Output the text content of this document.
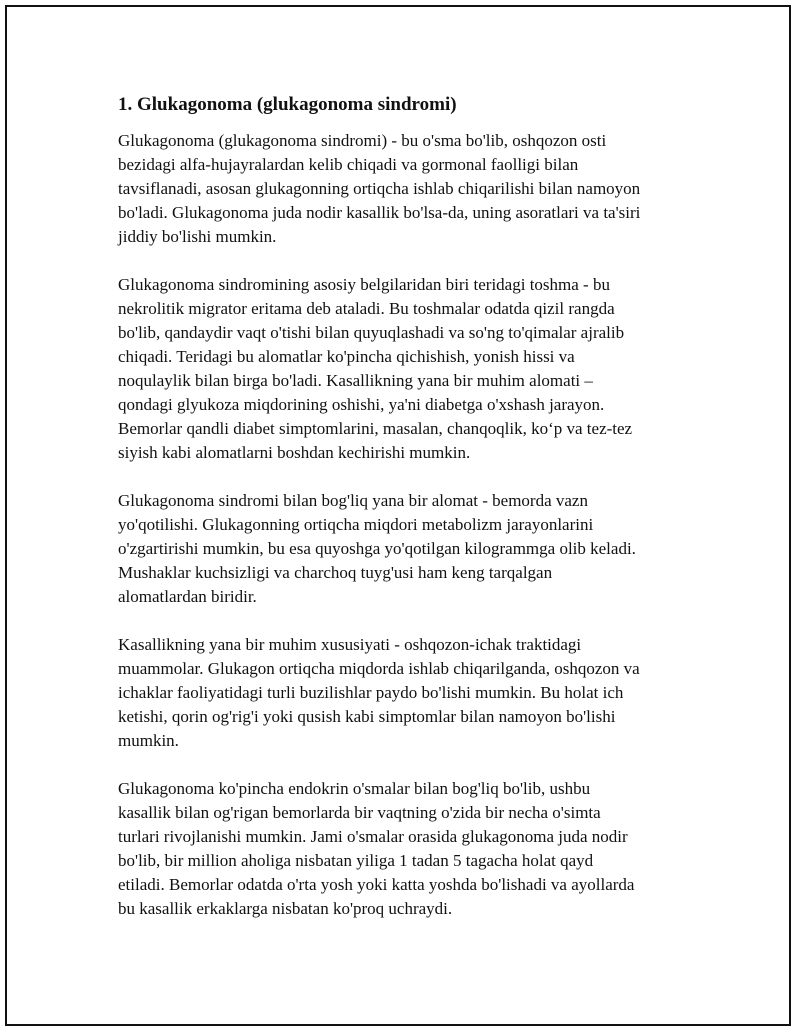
1. Glukagonoma (glukagonoma sindromi)

Glukagonoma (glukagonoma sindromi) - bu o'sma bo'lib, oshqozon osti
bezidagi alfa-hujayralardan kelib chiqadi va gormonal faolligi bilan
tavsiflanadi, asosan glukagonning ortiqcha ishlab chiqarilishi bilan namoyon
bo'ladi. Glukagonoma juda nodir kasallik bo'lsa-da, uning asoratlari va ta'siri
jiddiy bo'lishi mumkin.

Glukagonoma sindromining asosiy belgilaridan biri teridagi toshma - bu
nekrolitik migrator eritama deb ataladi. Bu toshmalar odatda qizil rangda
bo'lib, qandaydir vaqt o'tishi bilan quyuqlashadi va so'ng to'qimalar ajralib
chiqadi. Teridagi bu alomatlar ko'pincha qichishish, yonish hissi va
noqulaylik bilan birga bo'ladi. Kasallikning yana bir muhim alomati –
qondagi glyukoza miqdorining oshishi, ya'ni diabetga o'xshash jarayon.
Bemorlar qandli diabet simptomlarini, masalan, chanqoqlik, ko‘p va tez-tez
siyish kabi alomatlarni boshdan kechirishi mumkin.

Glukagonoma sindromi bilan bog'liq yana bir alomat - bemorda vazn
yo'qotilishi. Glukagonning ortiqcha miqdori metabolizm jarayonlarini
o'zgartirishi mumkin, bu esa quyoshga yo'qotilgan kilogrammga olib keladi.
Mushaklar kuchsizligi va charchoq tuyg'usi ham keng tarqalgan
alomatlardan biridir.

Kasallikning yana bir muhim xususiyati - oshqozon-ichak traktidagi
muammolar. Glukagon ortiqcha miqdorda ishlab chiqarilganda, oshqozon va
ichaklar faoliyatidagi turli buzilishlar paydo bo'lishi mumkin. Bu holat ich
ketishi, qorin og'rig'i yoki qusish kabi simptomlar bilan namoyon bo'lishi
mumkin.

Glukagonoma ko'pincha endokrin o'smalar bilan bog'liq bo'lib, ushbu
kasallik bilan og'rigan bemorlarda bir vaqtning o'zida bir necha o'simta
turlari rivojlanishi mumkin. Jami o'smalar orasida glukagonoma juda nodir
bo'lib, bir million aholiga nisbatan yiliga 1 tadan 5 tagacha holat qayd
etiladi. Bemorlar odatda o'rta yosh yoki katta yoshda bo'lishadi va ayollarda
bu kasallik erkaklarga nisbatan ko'proq uchraydi.
